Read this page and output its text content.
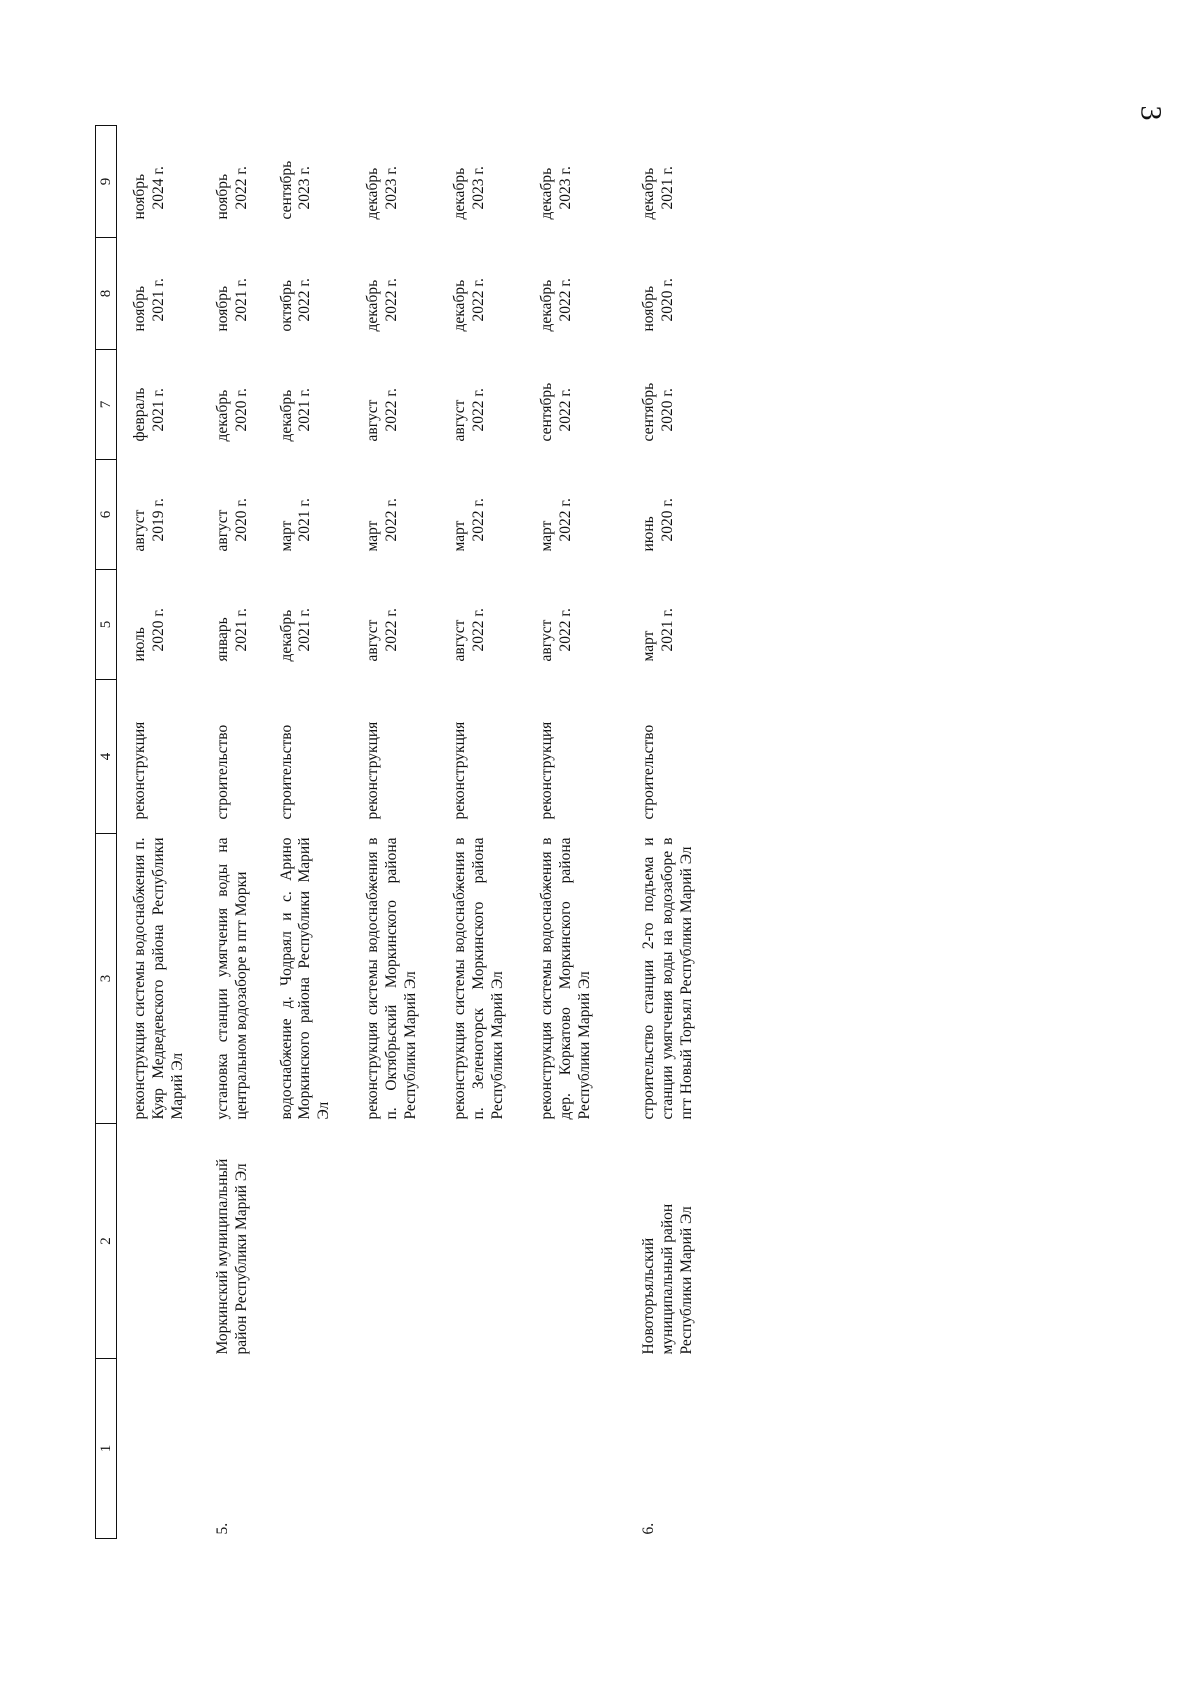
3
1	2	3	4	5	6	7	8	9
		реконструкция системы водоснабжения п. Куяр Медведевского района Республики Марий Эл	реконструкция	июль 2020 г.	август 2019 г.	февраль 2021 г.	ноябрь 2021 г.	ноябрь 2024 г.

5.	Моркинский муниципальный район Республики Марий Эл	установка станции умягчения воды на центральном водозаборе в пгт Морки	строительство	январь 2021 г.	август 2020 г.	декабрь 2020 г.	ноябрь 2021 г.	ноябрь 2022 г.

		водоснабжение д. Чодраял и с. Арино Моркинского района Республики Марий Эл	строительство	декабрь 2021 г.	март 2021 г.	декабрь 2021 г.	октябрь 2022 г.	сентябрь 2023 г.

		реконструкция системы водоснабжения в п. Октябрьский Моркинского района Республики Марий Эл	реконструкция	август 2022 г.	март 2022 г.	август 2022 г.	декабрь 2022 г.	декабрь 2023 г.

		реконструкция системы водоснабжения в п. Зеленогорск Моркинского района Республики Марий Эл	реконструкция	август 2022 г.	март 2022 г.	август 2022 г.	декабрь 2022 г.	декабрь 2023 г.

		реконструкция системы водоснабжения в дер. Коркатово Моркинского района Республики Марий Эл	реконструкция	август 2022 г.	март 2022 г.	сентябрь 2022 г.	декабрь 2022 г.	декабрь 2023 г.

6.	Новоторъяльский муниципальный район Республики Марий Эл	строительство станции 2-го подъема и станции умягчения воды на водозаборе в пгт Новый Торъял Республики Марий Эл	строительство	март 2021 г.	июнь 2020 г.	сентябрь 2020 г.	ноябрь 2020 г.	декабрь 2021 г.
